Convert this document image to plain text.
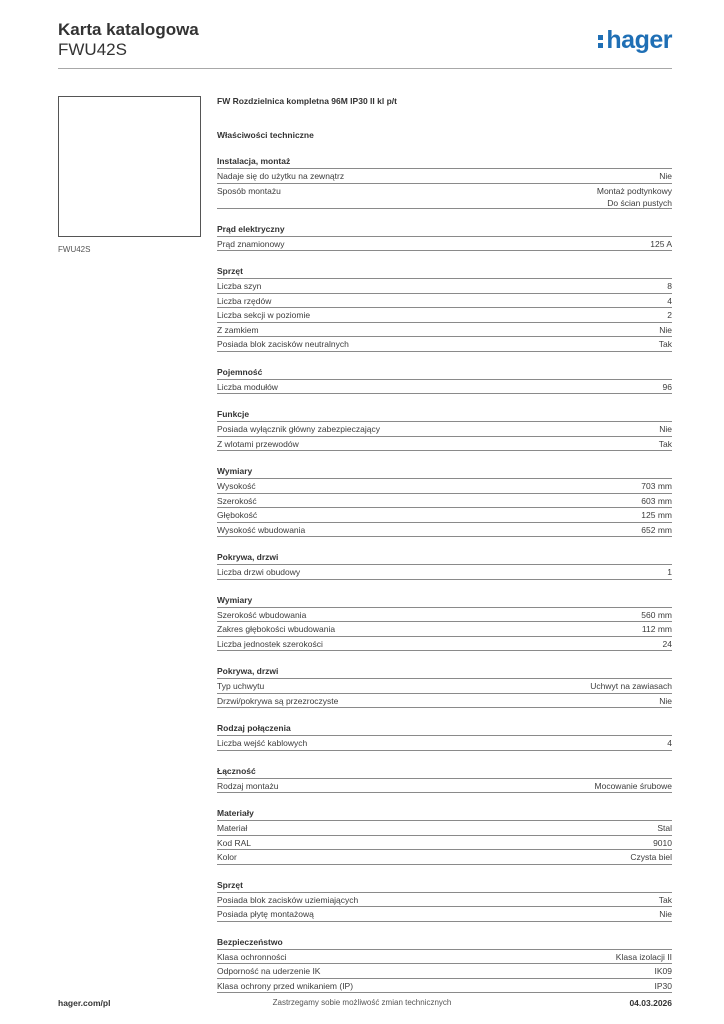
Karta katalogowa
FWU42S	hager
FWU42S
FW Rozdzielnica kompletna 96M IP30 II kl p/t
Właściwości techniczne
Instalacja, montaż
Nadaje się do użytku na zewnątrz	Nie
Sposób montażu	Montaż podtynkowy
Do ścian pustych
Prąd elektryczny
Prąd znamionowy	125 A
Sprzęt
Liczba szyn	8
Liczba rzędów	4
Liczba sekcji w poziomie	2
Z zamkiem	Nie
Posiada blok zacisków neutralnych	Tak
Pojemność
Liczba modułów	96
Funkcje
Posiada wyłącznik główny zabezpieczający	Nie
Z wlotami przewodów	Tak
Wymiary
Wysokość	703 mm
Szerokość	603 mm
Głębokość	125 mm
Wysokość wbudowania	652 mm
Pokrywa, drzwi
Liczba drzwi obudowy	1
Wymiary
Szerokość wbudowania	560 mm
Zakres głębokości wbudowania	112 mm
Liczba jednostek szerokości	24
Pokrywa, drzwi
Typ uchwytu	Uchwyt na zawiasach
Drzwi/pokrywa są przezroczyste	Nie
Rodzaj połączenia
Liczba wejść kablowych	4
Łączność
Rodzaj montażu	Mocowanie śrubowe
Materiały
Materiał	Stal
Kod RAL	9010
Kolor	Czysta biel
Sprzęt
Posiada blok zacisków uziemiających	Tak
Posiada płytę montażową	Nie
Bezpieczeństwo
Klasa ochronności	Klasa izolacji II
Odporność na uderzenie IK	IK09
Klasa ochrony przed wnikaniem (IP)	IP30
hager.com/pl	Zastrzegamy sobie możliwość zmian technicznych	04.03.2026
